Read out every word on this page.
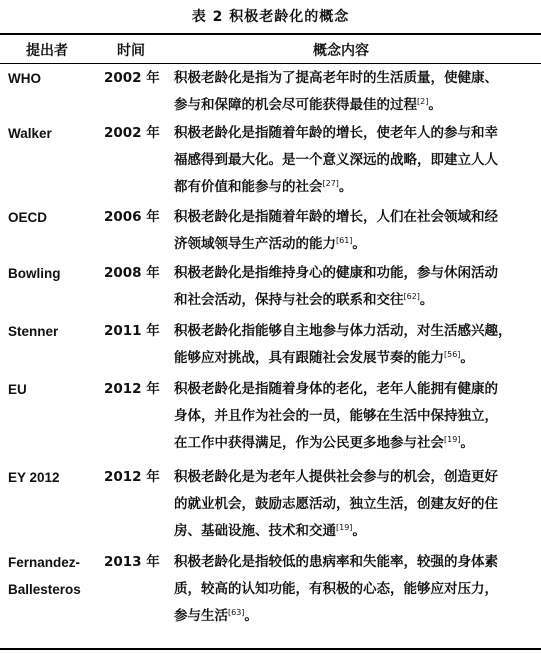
表 2 积极老龄化的概念
提出者	时间	概念内容
WHO	2002 年 积极老龄化是指为了提高老年时的生活质量，使健康、
参与和保障的机会尽可能获得最佳的过程[2]。
Walker	2002 年 积极老龄化是指随着年龄的增长，使老年人的参与和幸
福感得到最大化。是一个意义深远的战略，即建立人人
都有价值和能参与的社会[27]。
OECD	2006 年 积极老龄化是指随着年龄的增长，人们在社会领域和经
济领域领导生产活动的能力[61]。
Bowling	2008 年 积极老龄化是指维持身心的健康和功能，参与休闲活动
和社会活动，保持与社会的联系和交往[62]。
Stenner	2011 年 积极老龄化指能够自主地参与体力活动，对生活感兴趣，
能够应对挑战，具有跟随社会发展节奏的能力[56]。
EU	2012 年 积极老龄化是指随着身体的老化，老年人能拥有健康的
身体，并且作为社会的一员，能够在生活中保持独立，
在工作中获得满足，作为公民更多地参与社会[19]。
EY 2012	2012 年 积极老龄化是为老年人提供社会参与的机会，创造更好
的就业机会，鼓励志愿活动，独立生活，创建友好的住
房、基础设施、技术和交通[19]。
Fernandez-
Ballesteros
2013 年 积极老龄化是指较低的患病率和失能率，较强的身体素
质，较高的认知功能，有积极的心态，能够应对压力，
参与生活[63]。
